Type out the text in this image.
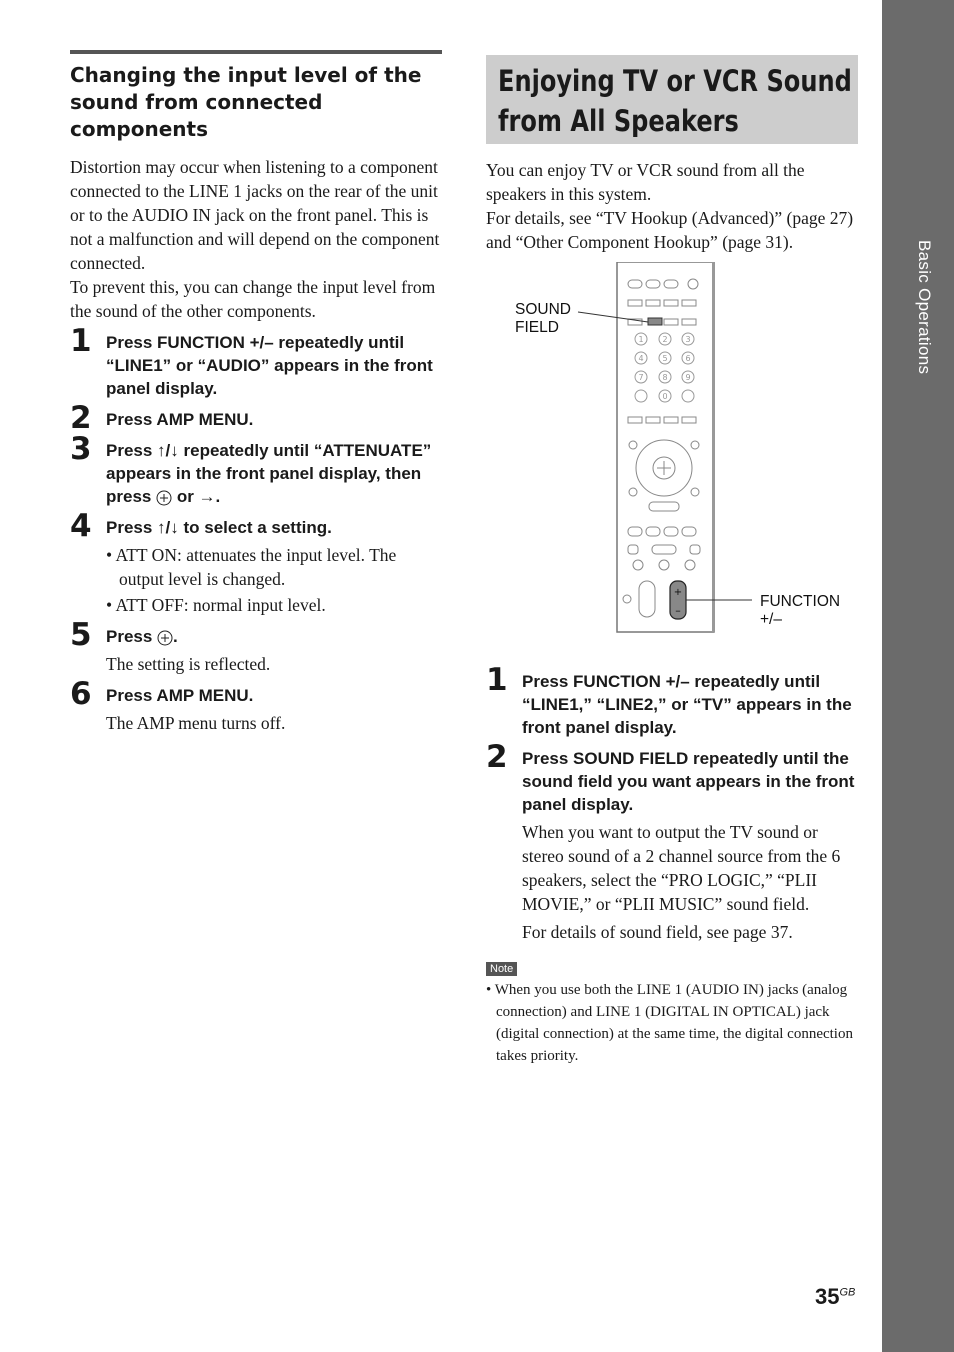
Basic Operations
Changing the input level of the sound from connected components

Distortion may occur when listening to a component connected to the LINE 1 jacks on the rear of the unit or to the AUDIO IN jack on the front panel. This is not a malfunction and will depend on the component connected.

To prevent this, you can change the input level from the sound of the other components.

1 Press FUNCTION +/– repeatedly until “LINE1” or “AUDIO” appears in the front panel display.
2 Press AMP MENU.
3 Press ↑/↓ repeatedly until “ATTENUATE” appears in the front panel display, then press  or →.
4 Press ↑/↓ to select a setting.
• ATT ON: attenuates the input level. The output level is changed.
• ATT OFF: normal input level.
5 Press .
The setting is reflected.
6 Press AMP MENU.
The AMP menu turns off.
Enjoying TV or VCR Sound
from All Speakers

You can enjoy TV or VCR sound from all the speakers in this system.

For details, see “TV Hookup (Advanced)” (page 27) and “Other Component Hookup” (page 31).

1 2 3
4 5 6
7 8 9
0
+
–
SOUND
FIELD
FUNCTION
+/–
1 Press FUNCTION +/– repeatedly until “LINE1,” “LINE2,” or “TV” appears in the front panel display.
2 Press SOUND FIELD repeatedly until the sound field you want appears in the front panel display.
When you want to output the TV sound or stereo sound of a 2 channel source from the 6 speakers, select the “PRO LOGIC,” “PLII MOVIE,” or “PLII MUSIC” sound field.
For details of sound field, see page 37.
Note
• When you use both the LINE 1 (AUDIO IN) jacks (analog connection) and LINE 1 (DIGITAL IN OPTICAL) jack (digital connection) at the same time, the digital connection takes priority.
$35^{GB}$
